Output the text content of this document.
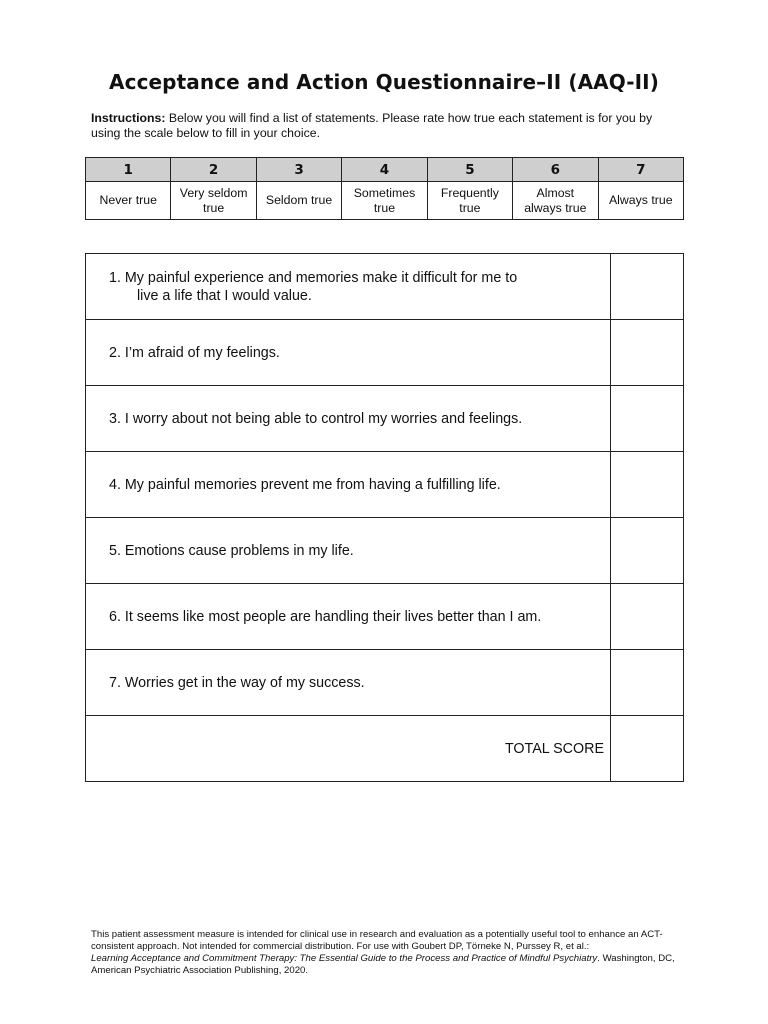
Acceptance and Action Questionnaire–II (AAQ-II)
Instructions: Below you will find a list of statements. Please rate how true each statement is for you by using the scale below to fill in your choice.
1	2	3	4	5	6	7
Never true	Very seldom true	Seldom true	Sometimes true	Frequently true	Almost always true	Always true
1. My painful experience and memories make it difficult for me to
live a life that I would value.	

2. I’m afraid of my feelings.	
3. I worry about not being able to control my worries and feelings.	
4. My painful memories prevent me from having a fulfilling life.	
5. Emotions cause problems in my life.	
6. It seems like most people are handling their lives better than I am.	
7. Worries get in the way of my success.	
TOTAL SCORE	
This patient assessment measure is intended for clinical use in research and evaluation as a potentially useful tool to enhance an ACT-consistent approach. Not intended for commercial distribution. For use with Goubert DP, Törneke N, Purssey R, et al.:
Learning Acceptance and Commitment Therapy: The Essential Guide to the Process and Practice of Mindful Psychiatry. Washington, DC, American Psychiatric Association Publishing, 2020.
